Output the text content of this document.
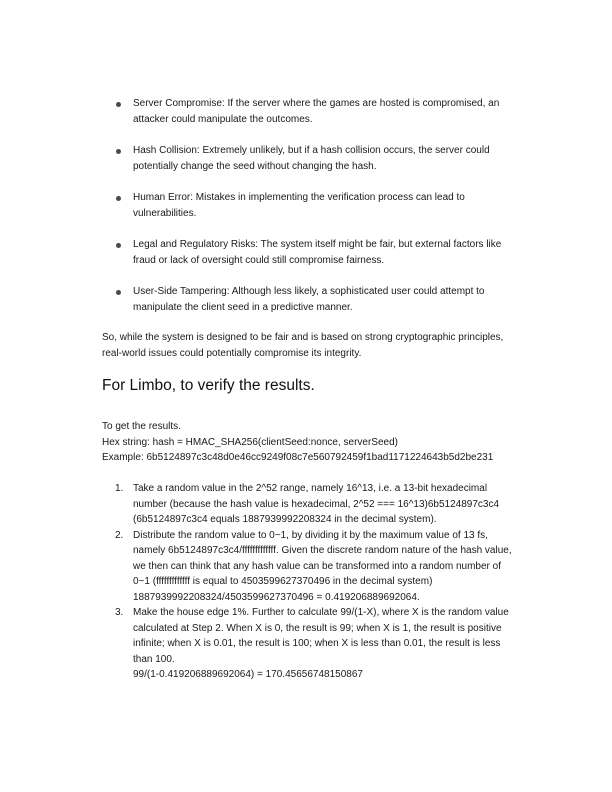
Server Compromise: If the server where the games are hosted is compromised, an attacker could manipulate the outcomes.
Hash Collision: Extremely unlikely, but if a hash collision occurs, the server could potentially change the seed without changing the hash.
Human Error: Mistakes in implementing the verification process can lead to vulnerabilities.
Legal and Regulatory Risks: The system itself might be fair, but external factors like fraud or lack of oversight could still compromise fairness.
User-Side Tampering: Although less likely, a sophisticated user could attempt to manipulate the client seed in a predictive manner.

So, while the system is designed to be fair and is based on strong cryptographic principles, real-world issues could potentially compromise its integrity.

For Limbo, to verify the results.
To get the results.
Hex string: hash = HMAC_SHA256(clientSeed:nonce, serverSeed)
Example: 6b5124897c3c48d0e46cc9249f08c7e560792459f1bad1171224643b5d2be231
1. Take a random value in the 2^52 range, namely 16^13, i.e. a 13-bit hexadecimal number (because the hash value is hexadecimal, 2^52 === 16^13)6b5124897c3c4 (6b5124897c3c4 equals 1887939992208324 in the decimal system).
2. Distribute the random value to 0~1, by dividing it by the maximum value of 13 fs, namely 6b5124897c3c4/fffffffffffff. Given the discrete random nature of the hash value, we then can think that any hash value can be transformed into a random number of 0~1 (fffffffffffff is equal to 4503599627370496 in the decimal system) 1887939992208324/4503599627370496 = 0.419206889692064.
3. Make the house edge 1%. Further to calculate 99/(1-X), where X is the random value calculated at Step 2. When X is 0, the result is 99; when X is 1, the result is positive infinite; when X is 0.01, the result is 100; when X is less than 0.01, the result is less than 100.
99/(1-0.419206889692064) = 170.45656748150867
